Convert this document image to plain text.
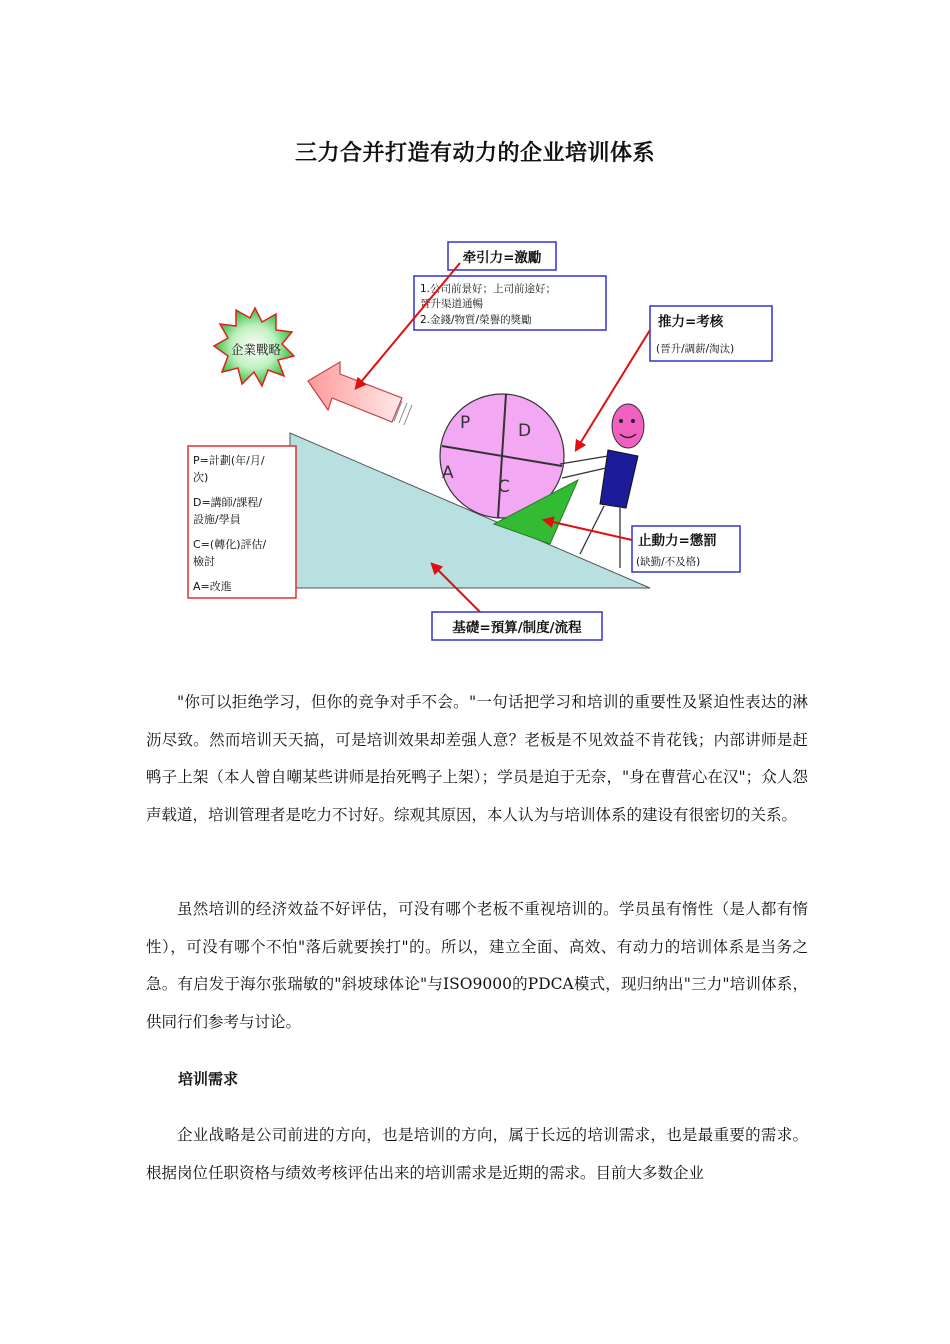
三力合并打造有动力的企业培训体系
企業戰略
牵引力=激勵
1.公司前景好；上司前途好；
晉升渠道通暢
2.金錢/物質/榮譽的獎勵	推力=考核
(晉升/調薪/淘汰)
P	D
A
C
止動力=懲罰
(缺勤/不及格)
P=計劃(年/月/
次)
D=講師/課程/
設施/學員
C=(轉化)評估/
檢討
A=改進
基礎=預算/制度/流程
"你可以拒绝学习，但你的竞争对手不会。"一句话把学习和培训的重要性及紧迫性表达的淋沥尽致。然而培训天天搞，可是培训效果却差强人意？老板是不见效益不肯花钱；内部讲师是赶鸭子上架（本人曾自嘲某些讲师是抬死鸭子上架）；学员是迫于无奈，"身在曹营心在汉"；众人怨声载道，培训管理者是吃力不讨好。综观其原因，本人认为与培训体系的建设有很密切的关系。
虽然培训的经济效益不好评估，可没有哪个老板不重视培训的。学员虽有惰性（是人都有惰性），可没有哪个不怕"落后就要挨打"的。所以，建立全面、高效、有动力的培训体系是当务之急。有启发于海尔张瑞敏的"斜坡球体论"与ISO9000的PDCA模式，现归纳出"三力"培训体系，供同行们参考与讨论。
培训需求
企业战略是公司前进的方向，也是培训的方向，属于长远的培训需求，也是最重要的需求。根据岗位任职资格与绩效考核评估出来的培训需求是近期的需求。目前大多数企业
